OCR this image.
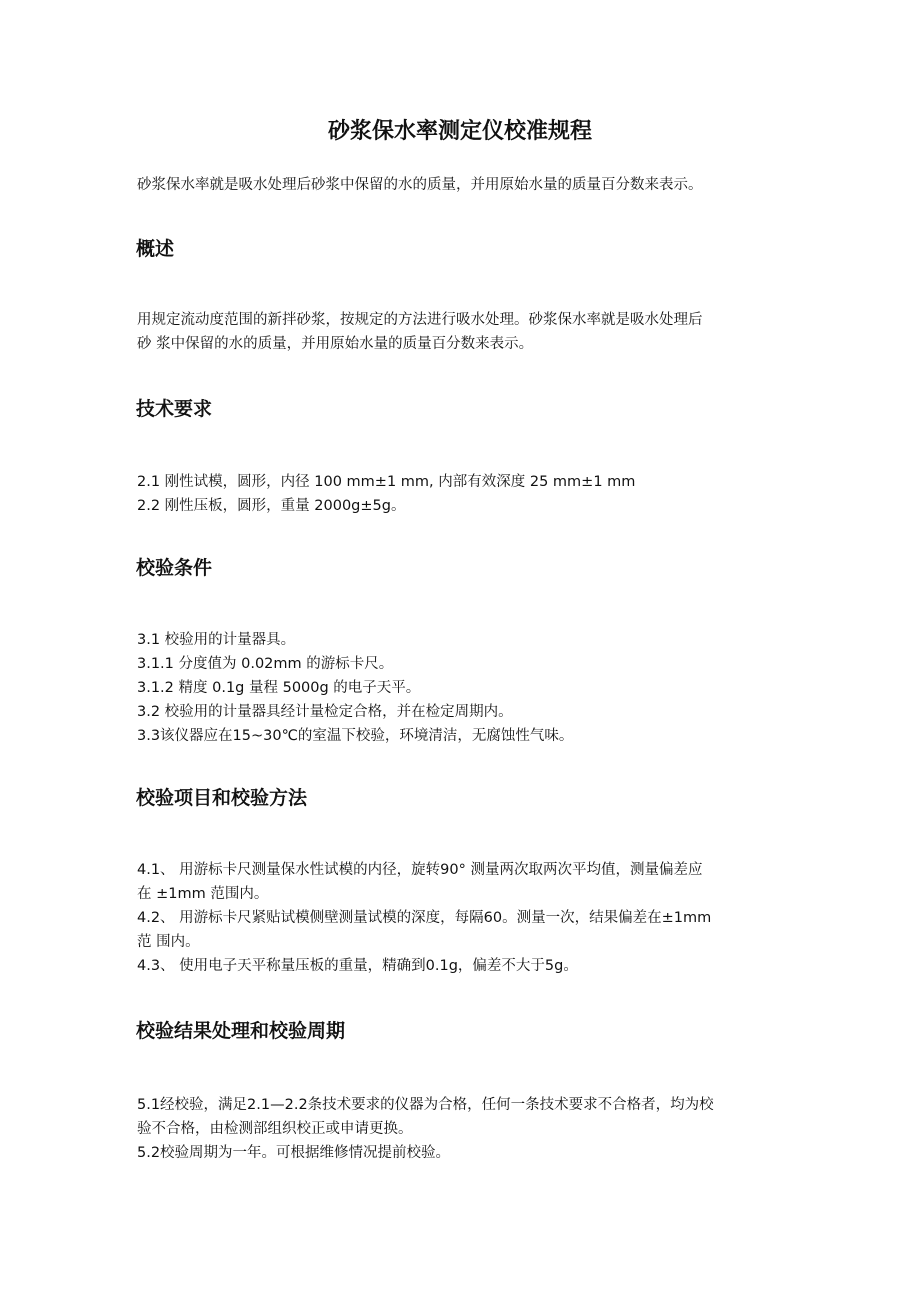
砂浆保水率测定仪校准规程
砂浆保水率就是吸水处理后砂浆中保留的水的质量，并用原始水量的质量百分数来表示。
概述
用规定流动度范围的新拌砂浆，按规定的方法进行吸水处理。砂浆保水率就是吸水处理后
砂 浆中保留的水的质量，并用原始水量的质量百分数来表示。
技术要求
2.1 刚性试模，圆形，内径 100 mm±1 mm, 内部有效深度 25 mm±1 mm
2.2 刚性压板，圆形，重量 2000g±5g。
校验条件
3.1 校验用的计量器具。
3.1.1 分度值为 0.02mm 的游标卡尺。
3.1.2 精度 0.1g 量程 5000g 的电子天平。
3.2 校验用的计量器具经计量检定合格，并在检定周期内。
3.3该仪器应在15~30℃的室温下校验，环境清洁，无腐蚀性气味。
校验项目和校验方法
4.1、 用游标卡尺测量保水性试模的内径，旋转90° 测量两次取两次平均值，测量偏差应
在 ±1mm 范围内。
4.2、 用游标卡尺紧贴试模侧壁测量试模的深度，每隔60。测量一次，结果偏差在±1mm
范 围内。
4.3、 使用电子天平称量压板的重量，精确到0.1g，偏差不大于5g。
校验结果处理和校验周期
5.1经校验，满足2.1—2.2条技术要求的仪器为合格，任何一条技术要求不合格者，均为校
验不合格，由检测部组织校正或申请更换。
5.2校验周期为一年。可根据维修情况提前校验。
